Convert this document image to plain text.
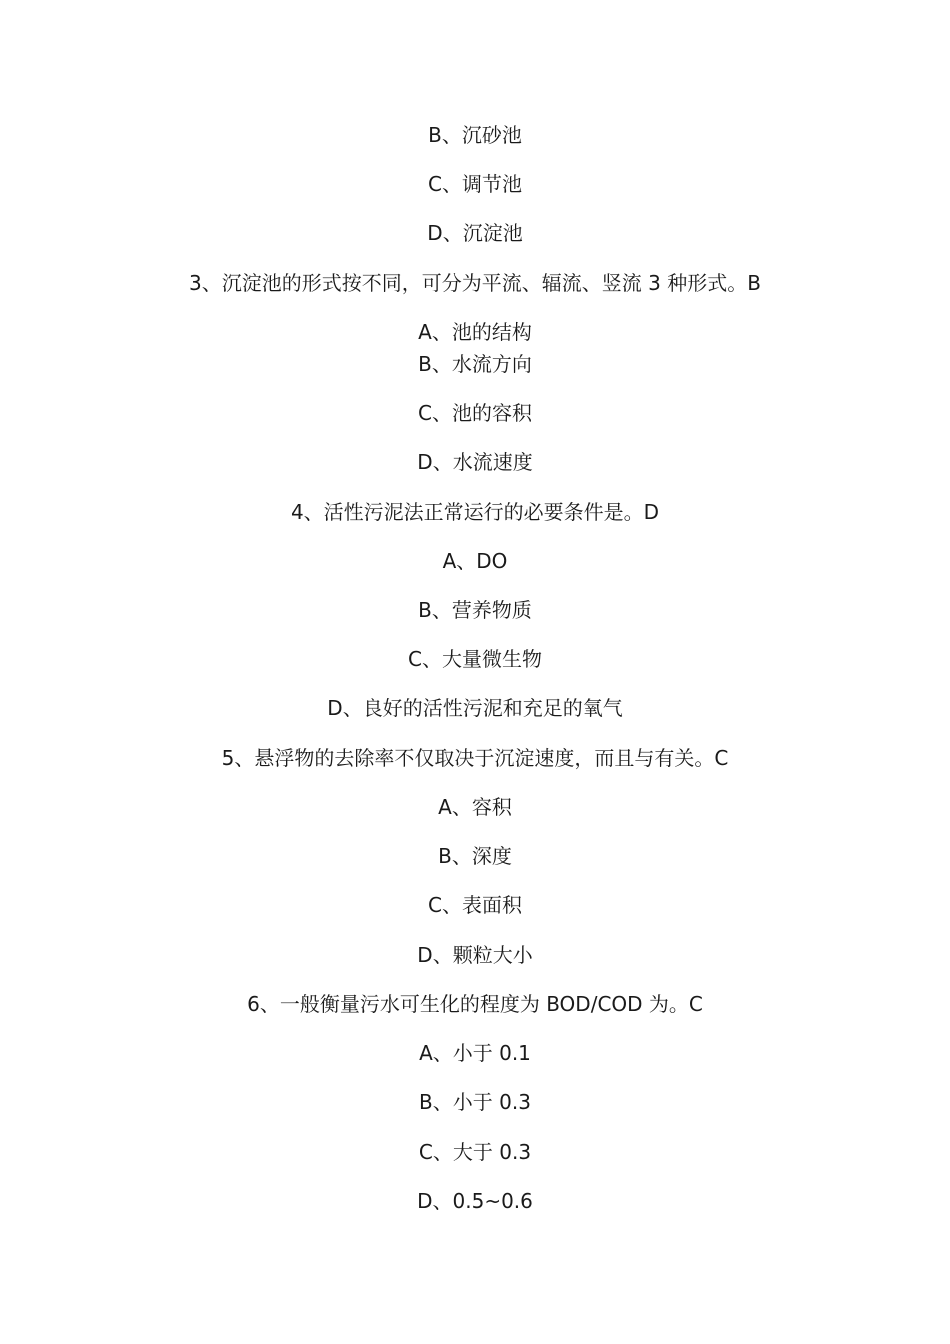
B、沉砂池
C、调节池
D、沉淀池
3、沉淀池的形式按不同，可分为平流、辐流、竖流 3 种形式。B
A、池的结构
B、水流方向
C、池的容积
D、水流速度
4、活性污泥法正常运行的必要条件是。D
A、DO
B、营养物质
C、大量微生物
D、良好的活性污泥和充足的氧气
5、悬浮物的去除率不仅取决于沉淀速度，而且与有关。C
A、容积
B、深度
C、表面积
D、颗粒大小
6、一般衡量污水可生化的程度为 BOD/COD 为。C
A、小于 0.1
B、小于 0.3
C、大于 0.3
D、0.5~0.6
